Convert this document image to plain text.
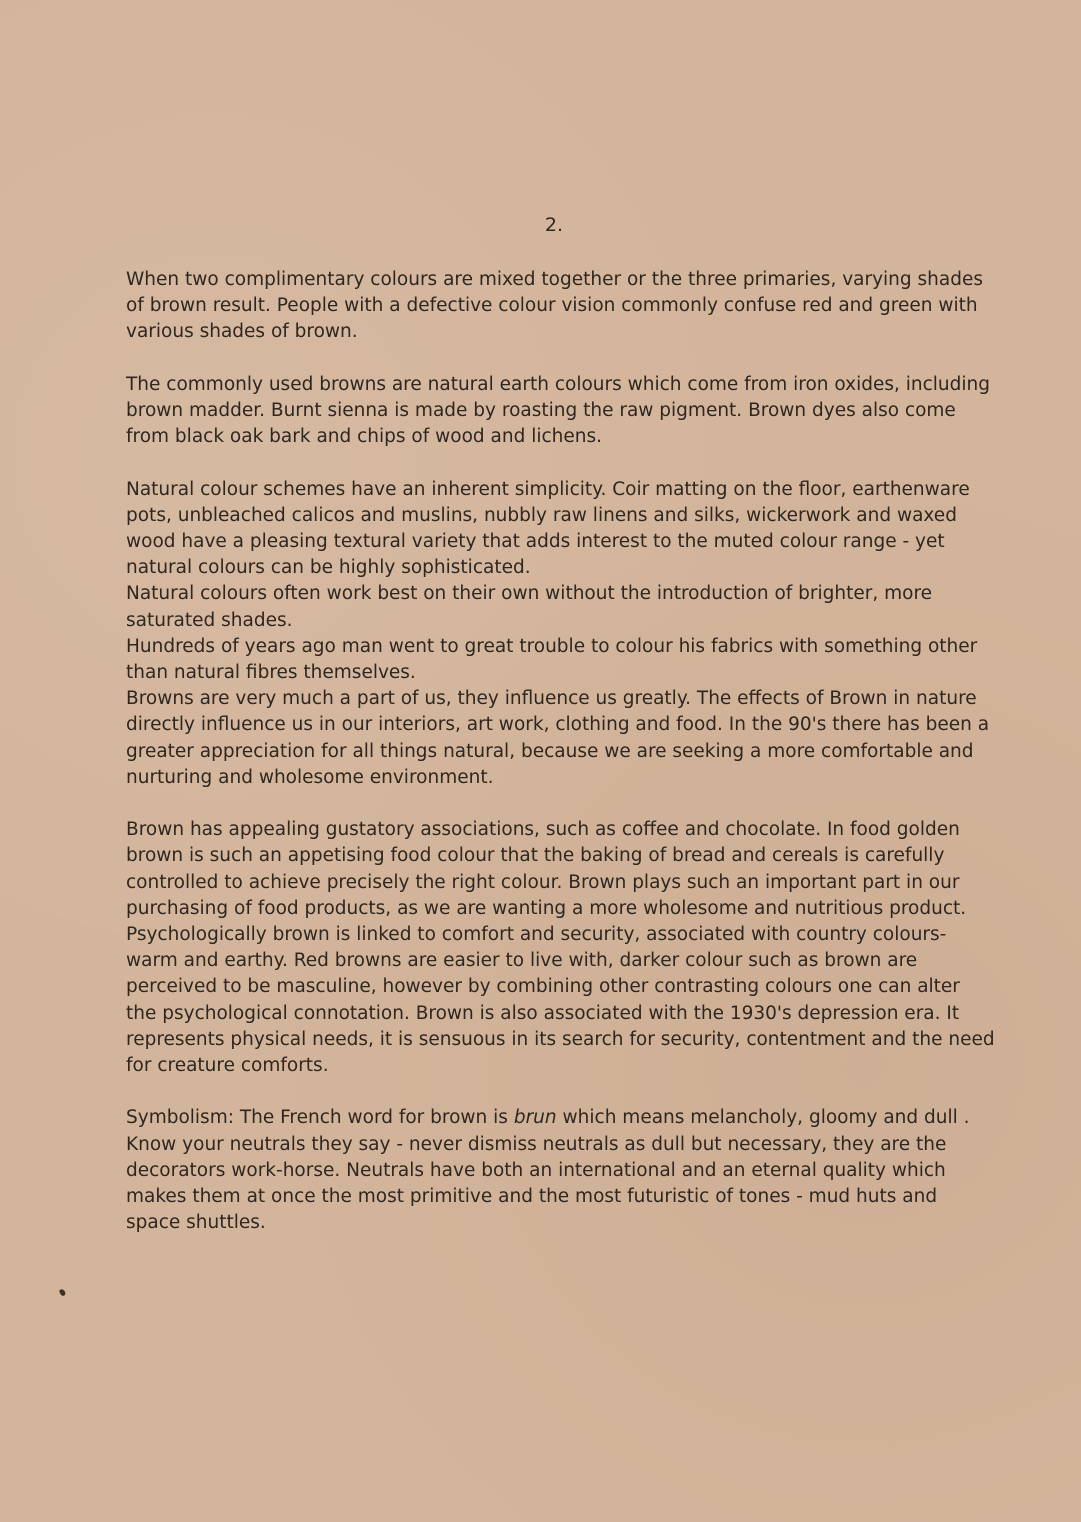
2.

When two complimentary colours are mixed together or the three primaries, varying shades of brown result. People with a defective colour vision commonly confuse red and green with various shades of brown.

The commonly used browns are natural earth colours which come from iron oxides, including brown madder. Burnt sienna is made by roasting the raw pigment. Brown dyes also come from black oak bark and chips of wood and lichens.

Natural colour schemes have an inherent simplicity. Coir matting on the floor, earthenware pots, unbleached calicos and muslins, nubbly raw linens and silks, wickerwork and waxed wood have a pleasing textural variety that adds interest to the muted colour range - yet natural colours can be highly sophisticated.

Natural colours often work best on their own without the introduction of brighter, more saturated shades.

Hundreds of years ago man went to great trouble to colour his fabrics with something other than natural fibres themselves.

Browns are very much a part of us, they influence us greatly. The effects of Brown in nature directly influence us in our interiors, art work, clothing and food. In the 90's there has been a greater appreciation for all things natural, because we are seeking a more comfortable and nurturing and wholesome environment.

Brown has appealing gustatory associations, such as coffee and chocolate. In food golden brown is such an appetising food colour that the baking of bread and cereals is carefully controlled to achieve precisely the right colour. Brown plays such an important part in our purchasing of food products, as we are wanting a more wholesome and nutritious product.

Psychologically brown is linked to comfort and security, associated with country colours- warm and earthy. Red browns are easier to live with, darker colour such as brown are perceived to be masculine, however by combining other contrasting colours one can alter the psychological connotation. Brown is also associated with the 1930's depression era. It represents physical needs, it is sensuous in its search for security, contentment and the need for creature comforts.

Symbolism: The French word for brown is brun which means melancholy, gloomy and dull .

Know your neutrals they say - never dismiss neutrals as dull but necessary, they are the decorators work-horse. Neutrals have both an international and an eternal quality which makes them at once the most primitive and the most futuristic of tones - mud huts and space shuttles.
